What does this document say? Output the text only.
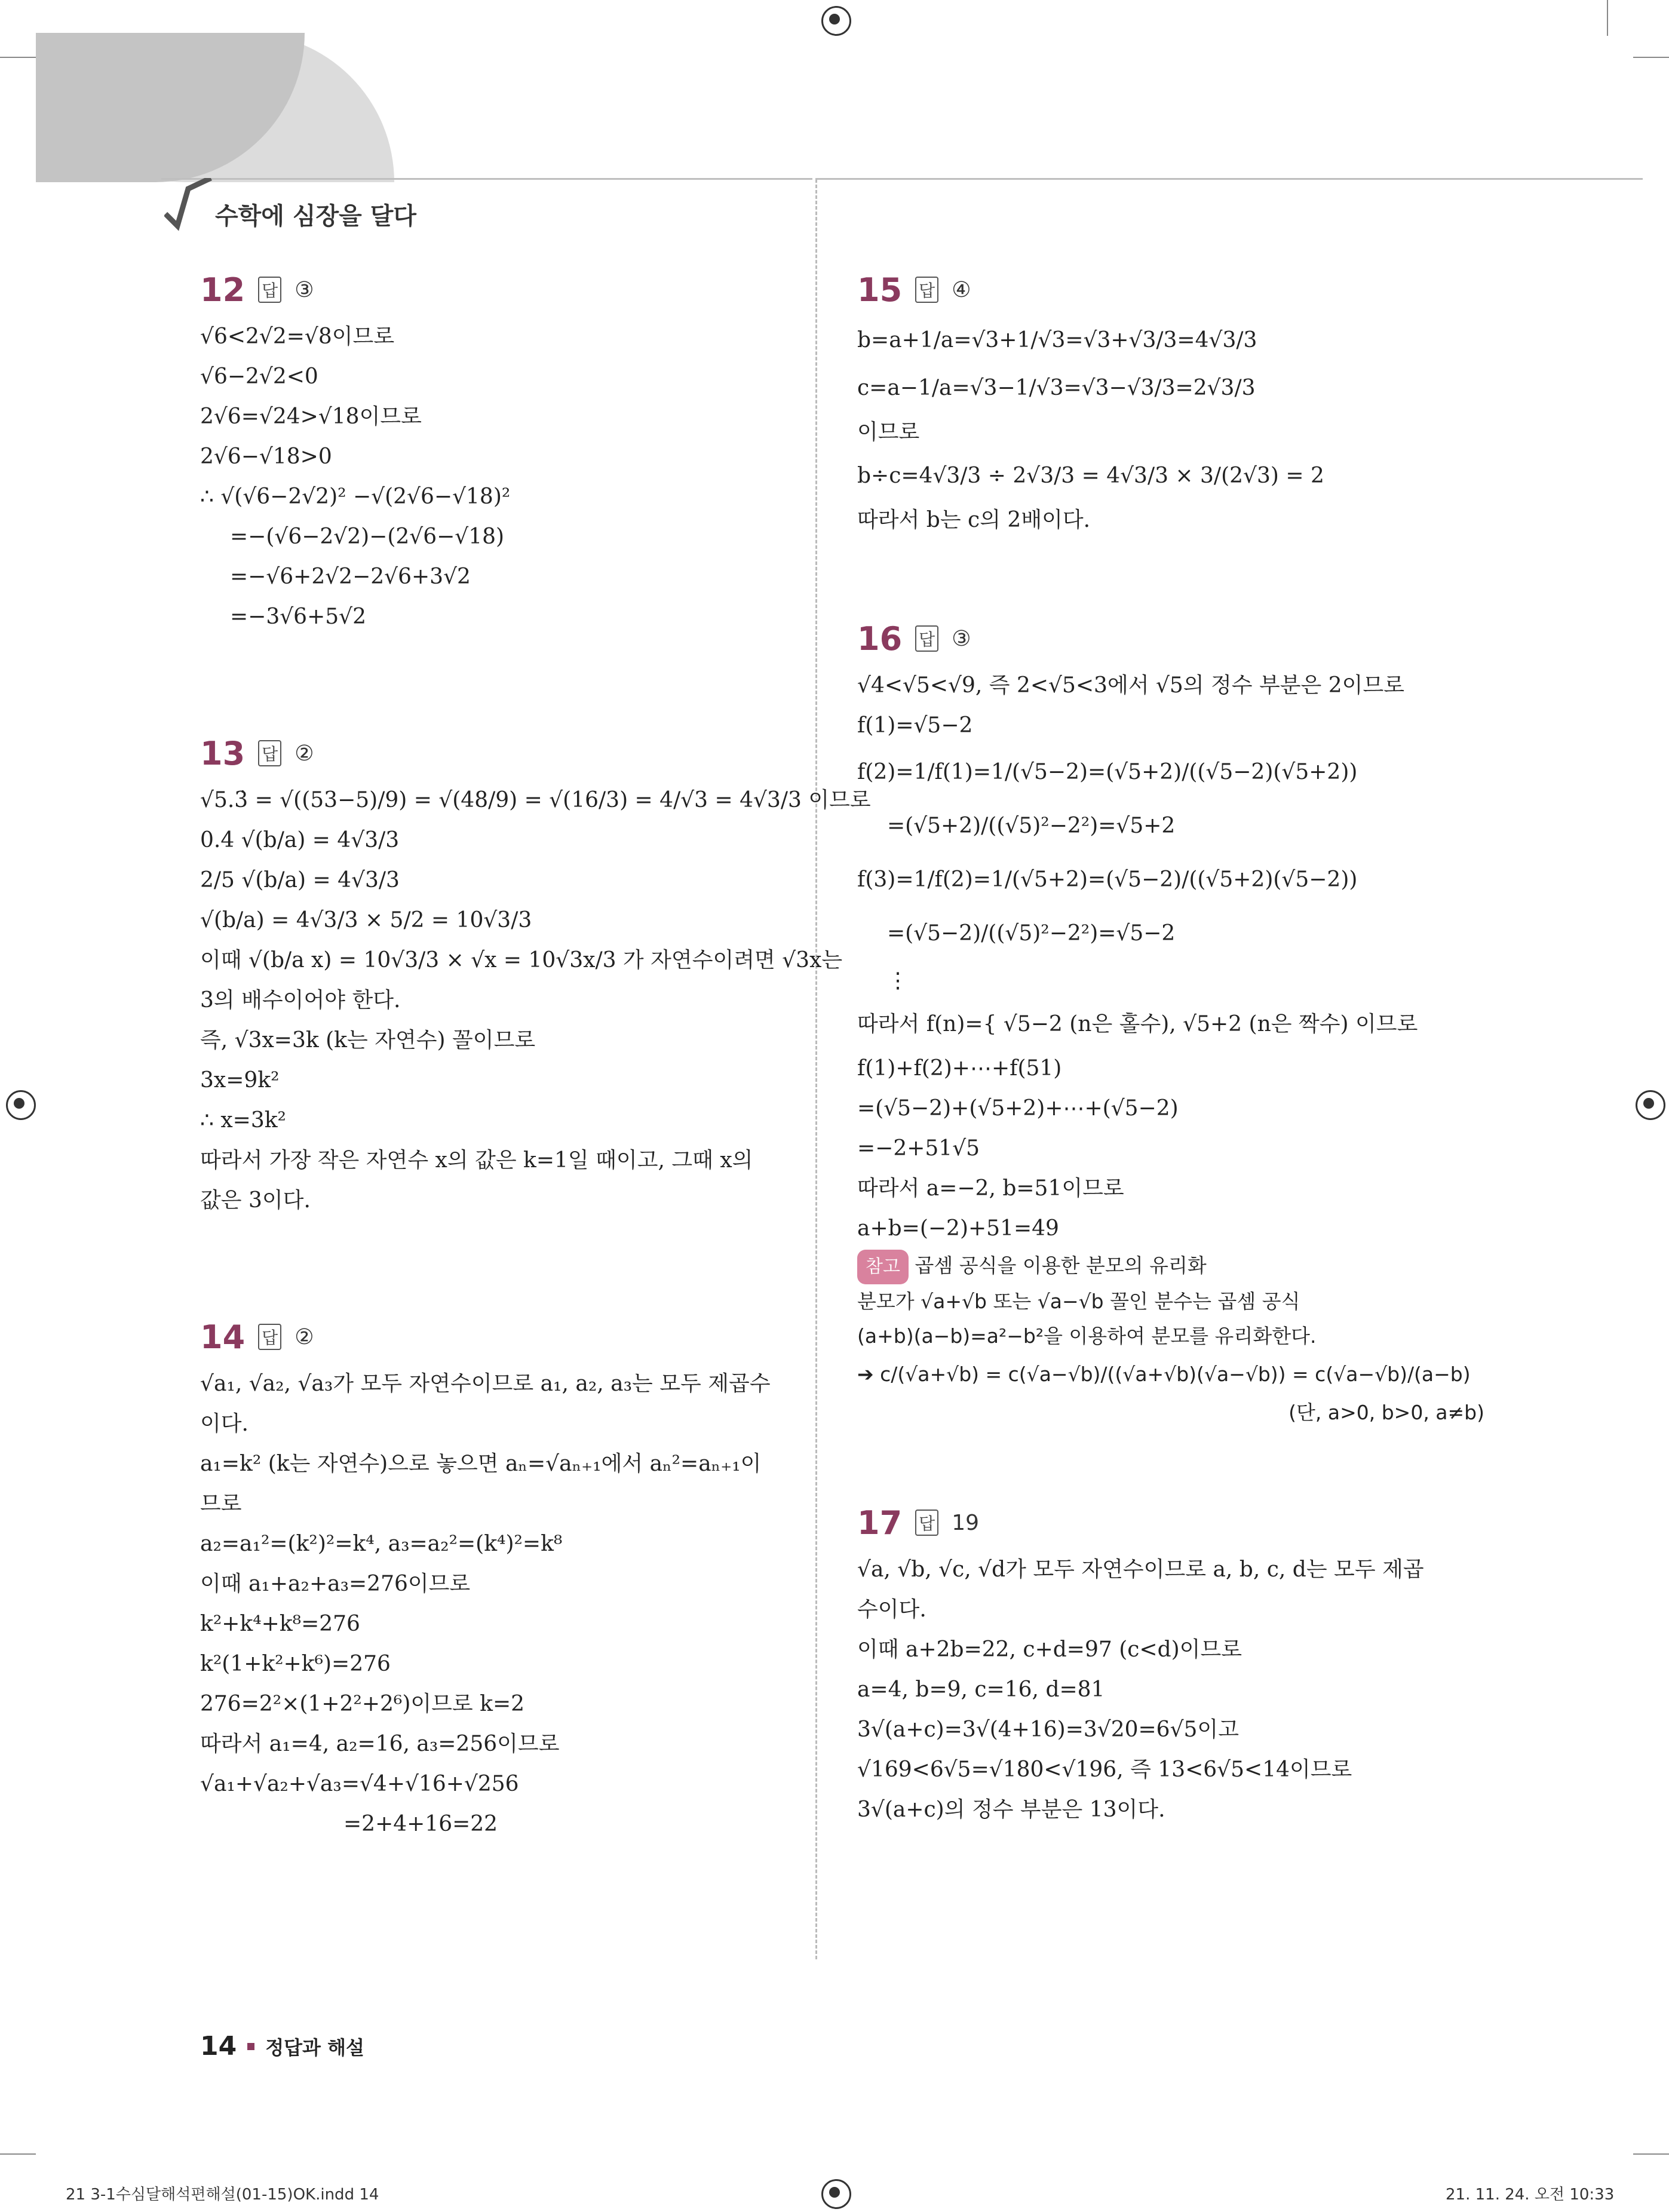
수학에 심장을 달다
12 답 ③
√6<2√2=√8이므로
√6−2√2<0
2√6=√24>√18이므로
2√6−√18>0
∴ √(√6−2√2)² −√(2√6−√18)²
=−(√6−2√2)−(2√6−√18)
=−√6+2√2−2√6+3√2
=−3√6+5√2
13 답 ②
√5.3̇ = √((53−5)/9) = √(48/9) = √(16/3) = 4/√3 = 4√3/3 이므로
0.4 √(b/a) = 4√3/3
2/5 √(b/a) = 4√3/3
√(b/a) = 4√3/3 × 5/2 = 10√3/3
이때 √(b/a x) = 10√3/3 × √x = 10√3x/3 가 자연수이려면 √3x는
3의 배수이어야 한다.
즉, √3x=3k (k는 자연수) 꼴이므로
3x=9k²
∴ x=3k²
따라서 가장 작은 자연수 x의 값은 k=1일 때이고, 그때 x의
값은 3이다.
14 답 ②
√a₁, √a₂, √a₃가 모두 자연수이므로 a₁, a₂, a₃는 모두 제곱수
이다.
a₁=k² (k는 자연수)으로 놓으면 aₙ=√aₙ₊₁에서 aₙ²=aₙ₊₁이
므로
a₂=a₁²=(k²)²=k⁴, a₃=a₂²=(k⁴)²=k⁸
이때 a₁+a₂+a₃=276이므로
k²+k⁴+k⁸=276
k²(1+k²+k⁶)=276
276=2²×(1+2²+2⁶)이므로 k=2
따라서 a₁=4, a₂=16, a₃=256이므로
√a₁+√a₂+√a₃=√4+√16+√256
=2+4+16=22
15 답 ④
b=a+1/a=√3+1/√3=√3+√3/3=4√3/3
c=a−1/a=√3−1/√3=√3−√3/3=2√3/3
이므로
b÷c=4√3/3 ÷ 2√3/3 = 4√3/3 × 3/(2√3) = 2
따라서 b는 c의 2배이다.
16 답 ③
√4<√5<√9, 즉 2<√5<3에서 √5의 정수 부분은 2이므로
f(1)=√5−2
f(2)=1/f(1)=1/(√5−2)=(√5+2)/((√5−2)(√5+2))
=(√5+2)/((√5)²−2²)=√5+2
f(3)=1/f(2)=1/(√5+2)=(√5−2)/((√5+2)(√5−2))
=(√5−2)/((√5)²−2²)=√5−2
⋮
따라서 f(n)={ √5−2 (n은 홀수), √5+2 (n은 짝수) 이므로
f(1)+f(2)+⋯+f(51)
=(√5−2)+(√5+2)+⋯+(√5−2)
=−2+51√5
따라서 a=−2, b=51이므로
a+b=(−2)+51=49
참고 곱셈 공식을 이용한 분모의 유리화
분모가 √a+√b 또는 √a−√b 꼴인 분수는 곱셈 공식
(a+b)(a−b)=a²−b²을 이용하여 분모를 유리화한다.
➔ c/(√a+√b) = c(√a−√b)/((√a+√b)(√a−√b)) = c(√a−√b)/(a−b)
(단, a>0, b>0, a≠b)
17 답 19
√a, √b, √c, √d가 모두 자연수이므로 a, b, c, d는 모두 제곱
수이다.
이때 a+2b=22, c+d=97 (c<d)이므로
a=4, b=9, c=16, d=81
3√(a+c)=3√(4+16)=3√20=6√5이고
√169<6√5=√180<√196, 즉 13<6√5<14이므로
3√(a+c)의 정수 부분은 13이다.
14 정답과 해설
21 3-1수심달해석편해설(01-15)OK.indd 14	21. 11. 24. 오전 10:33
